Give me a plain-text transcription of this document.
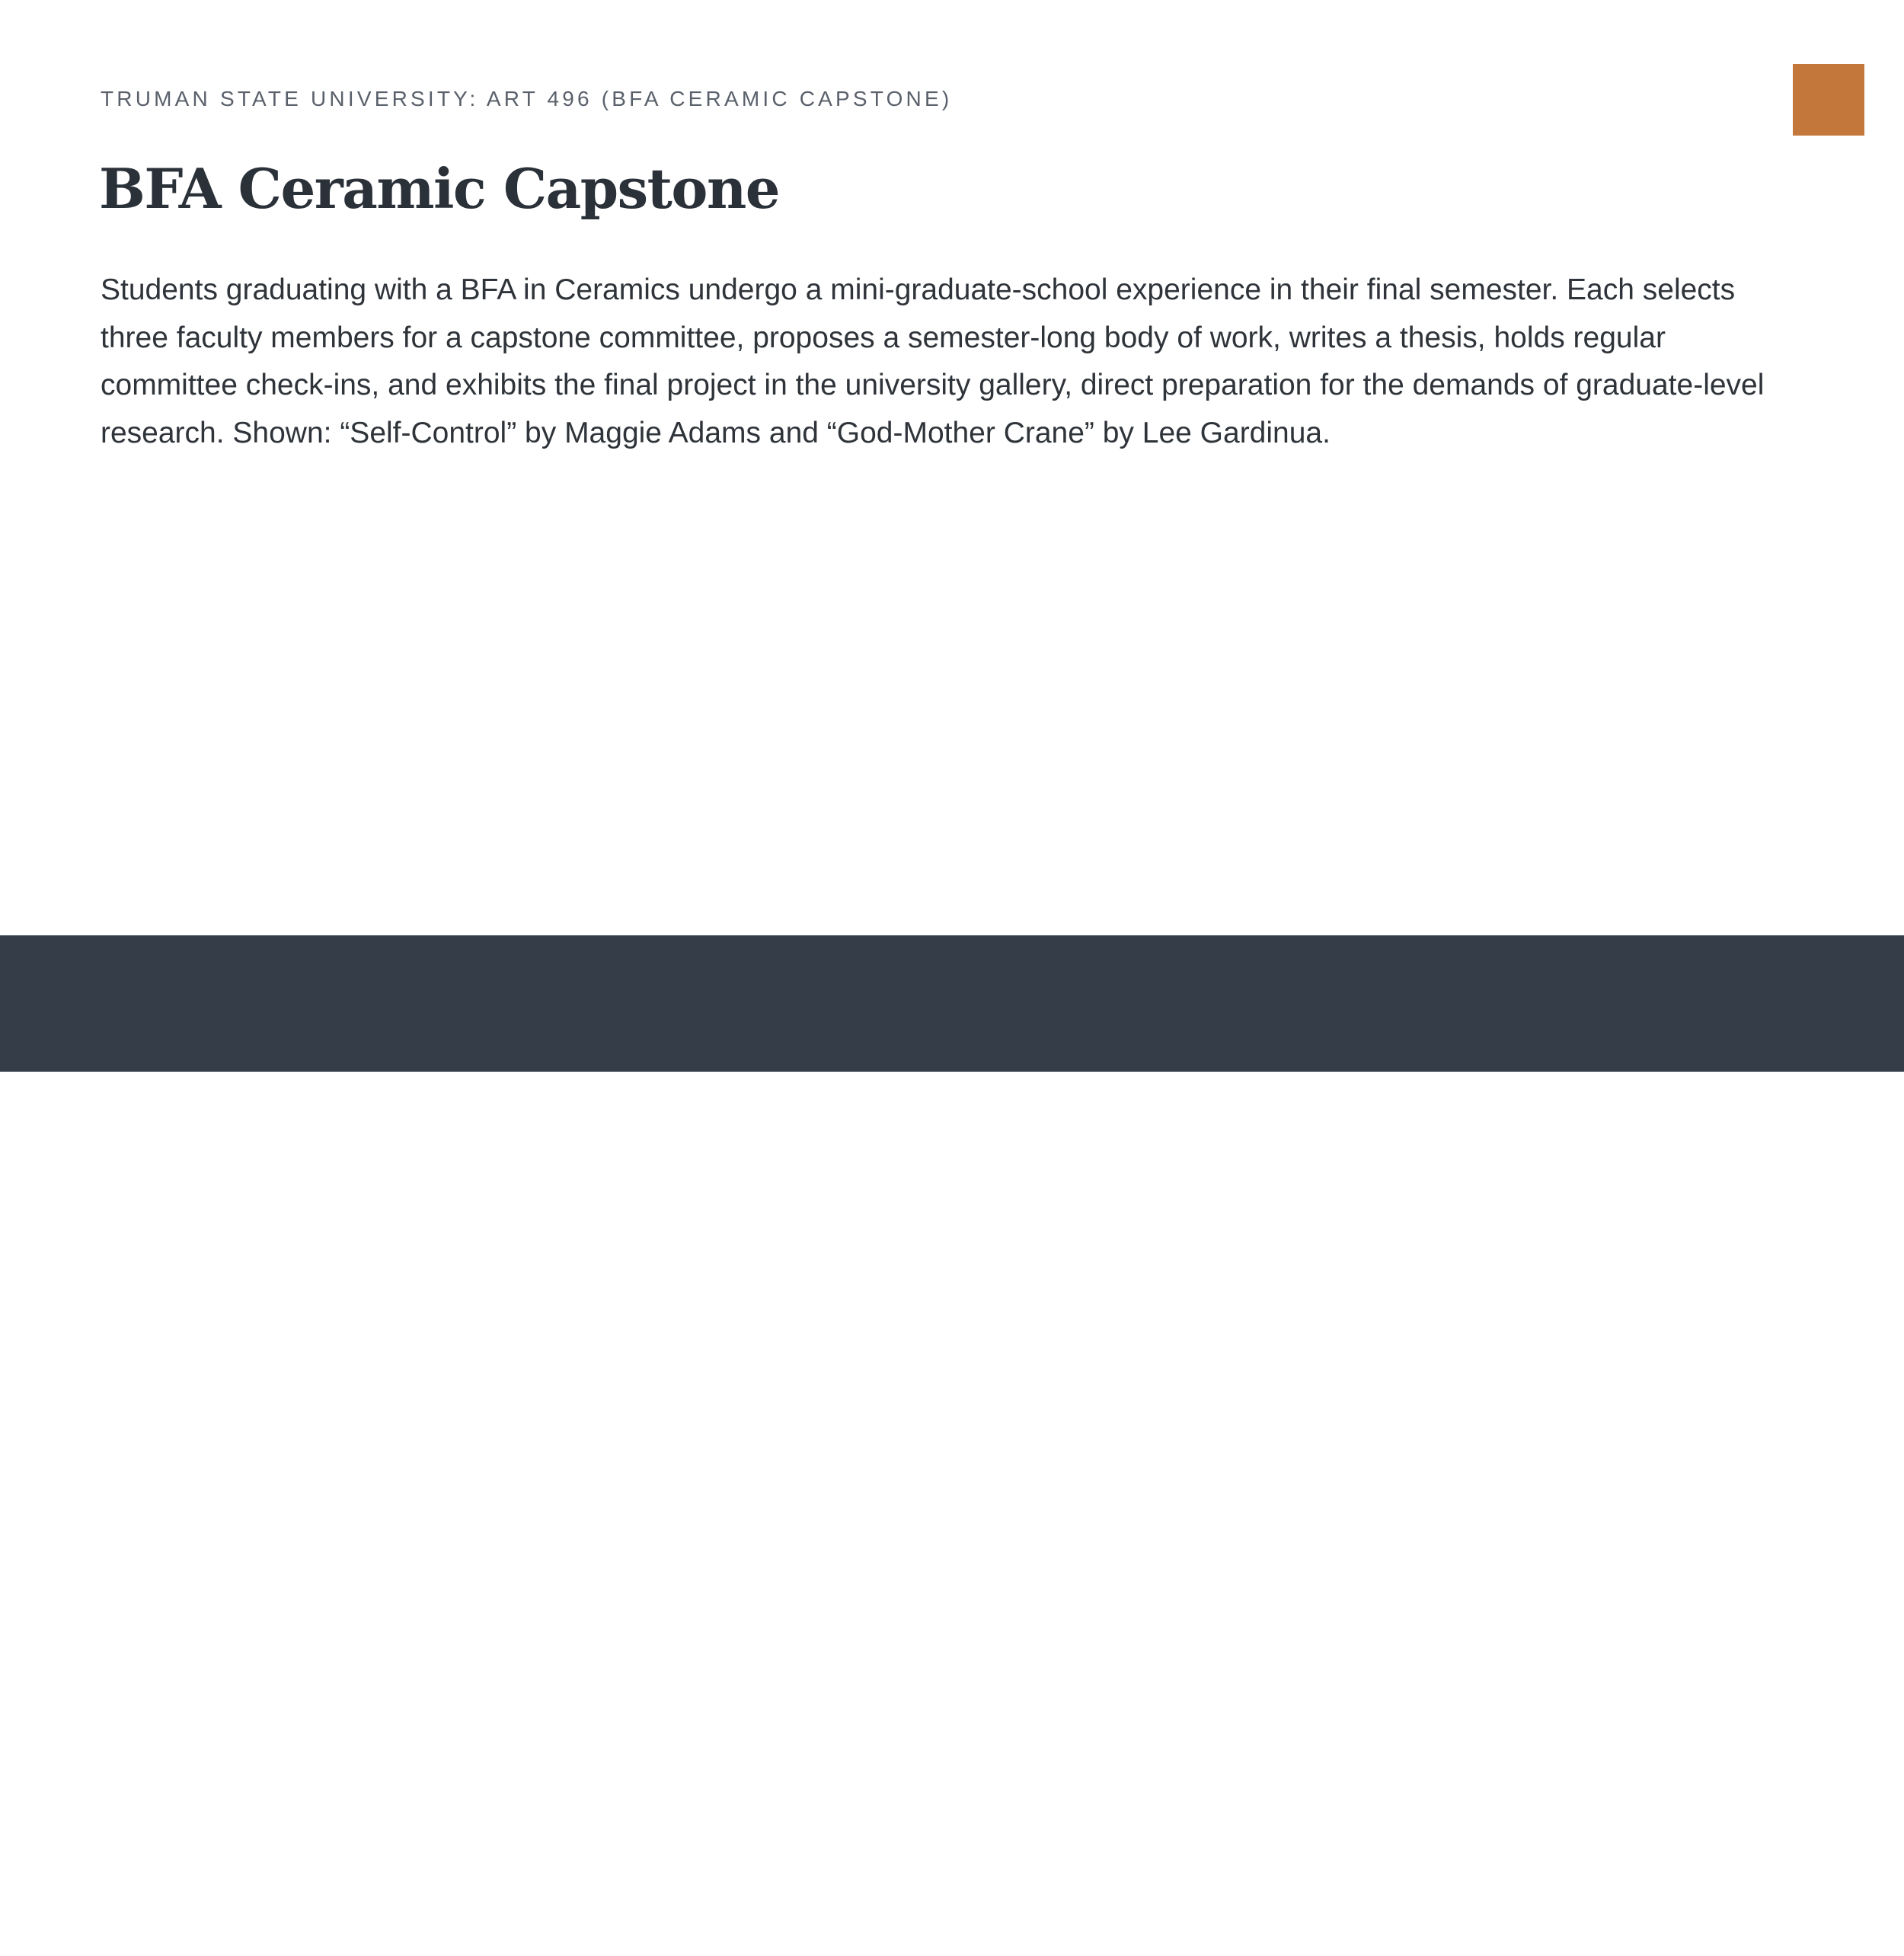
TRUMAN STATE UNIVERSITY: ART 496 (BFA CERAMIC CAPSTONE)
BFA Ceramic Capstone

Students graduating with a BFA in Ceramics undergo a mini-graduate-school experience in their final semester. Each selects three faculty members for a capstone committee, proposes a semester-long body of work, writes a thesis, holds regular committee check-ins, and exhibits the final project in the university gallery, direct preparation for the demands of graduate-level research. Shown: “Self-Control” by Maggie Adams and “God-Mother Crane” by Lee Gardinua.

Maggie Adams, “Self-Control,” earthenware, plaster, fiber & found objects (2021)
